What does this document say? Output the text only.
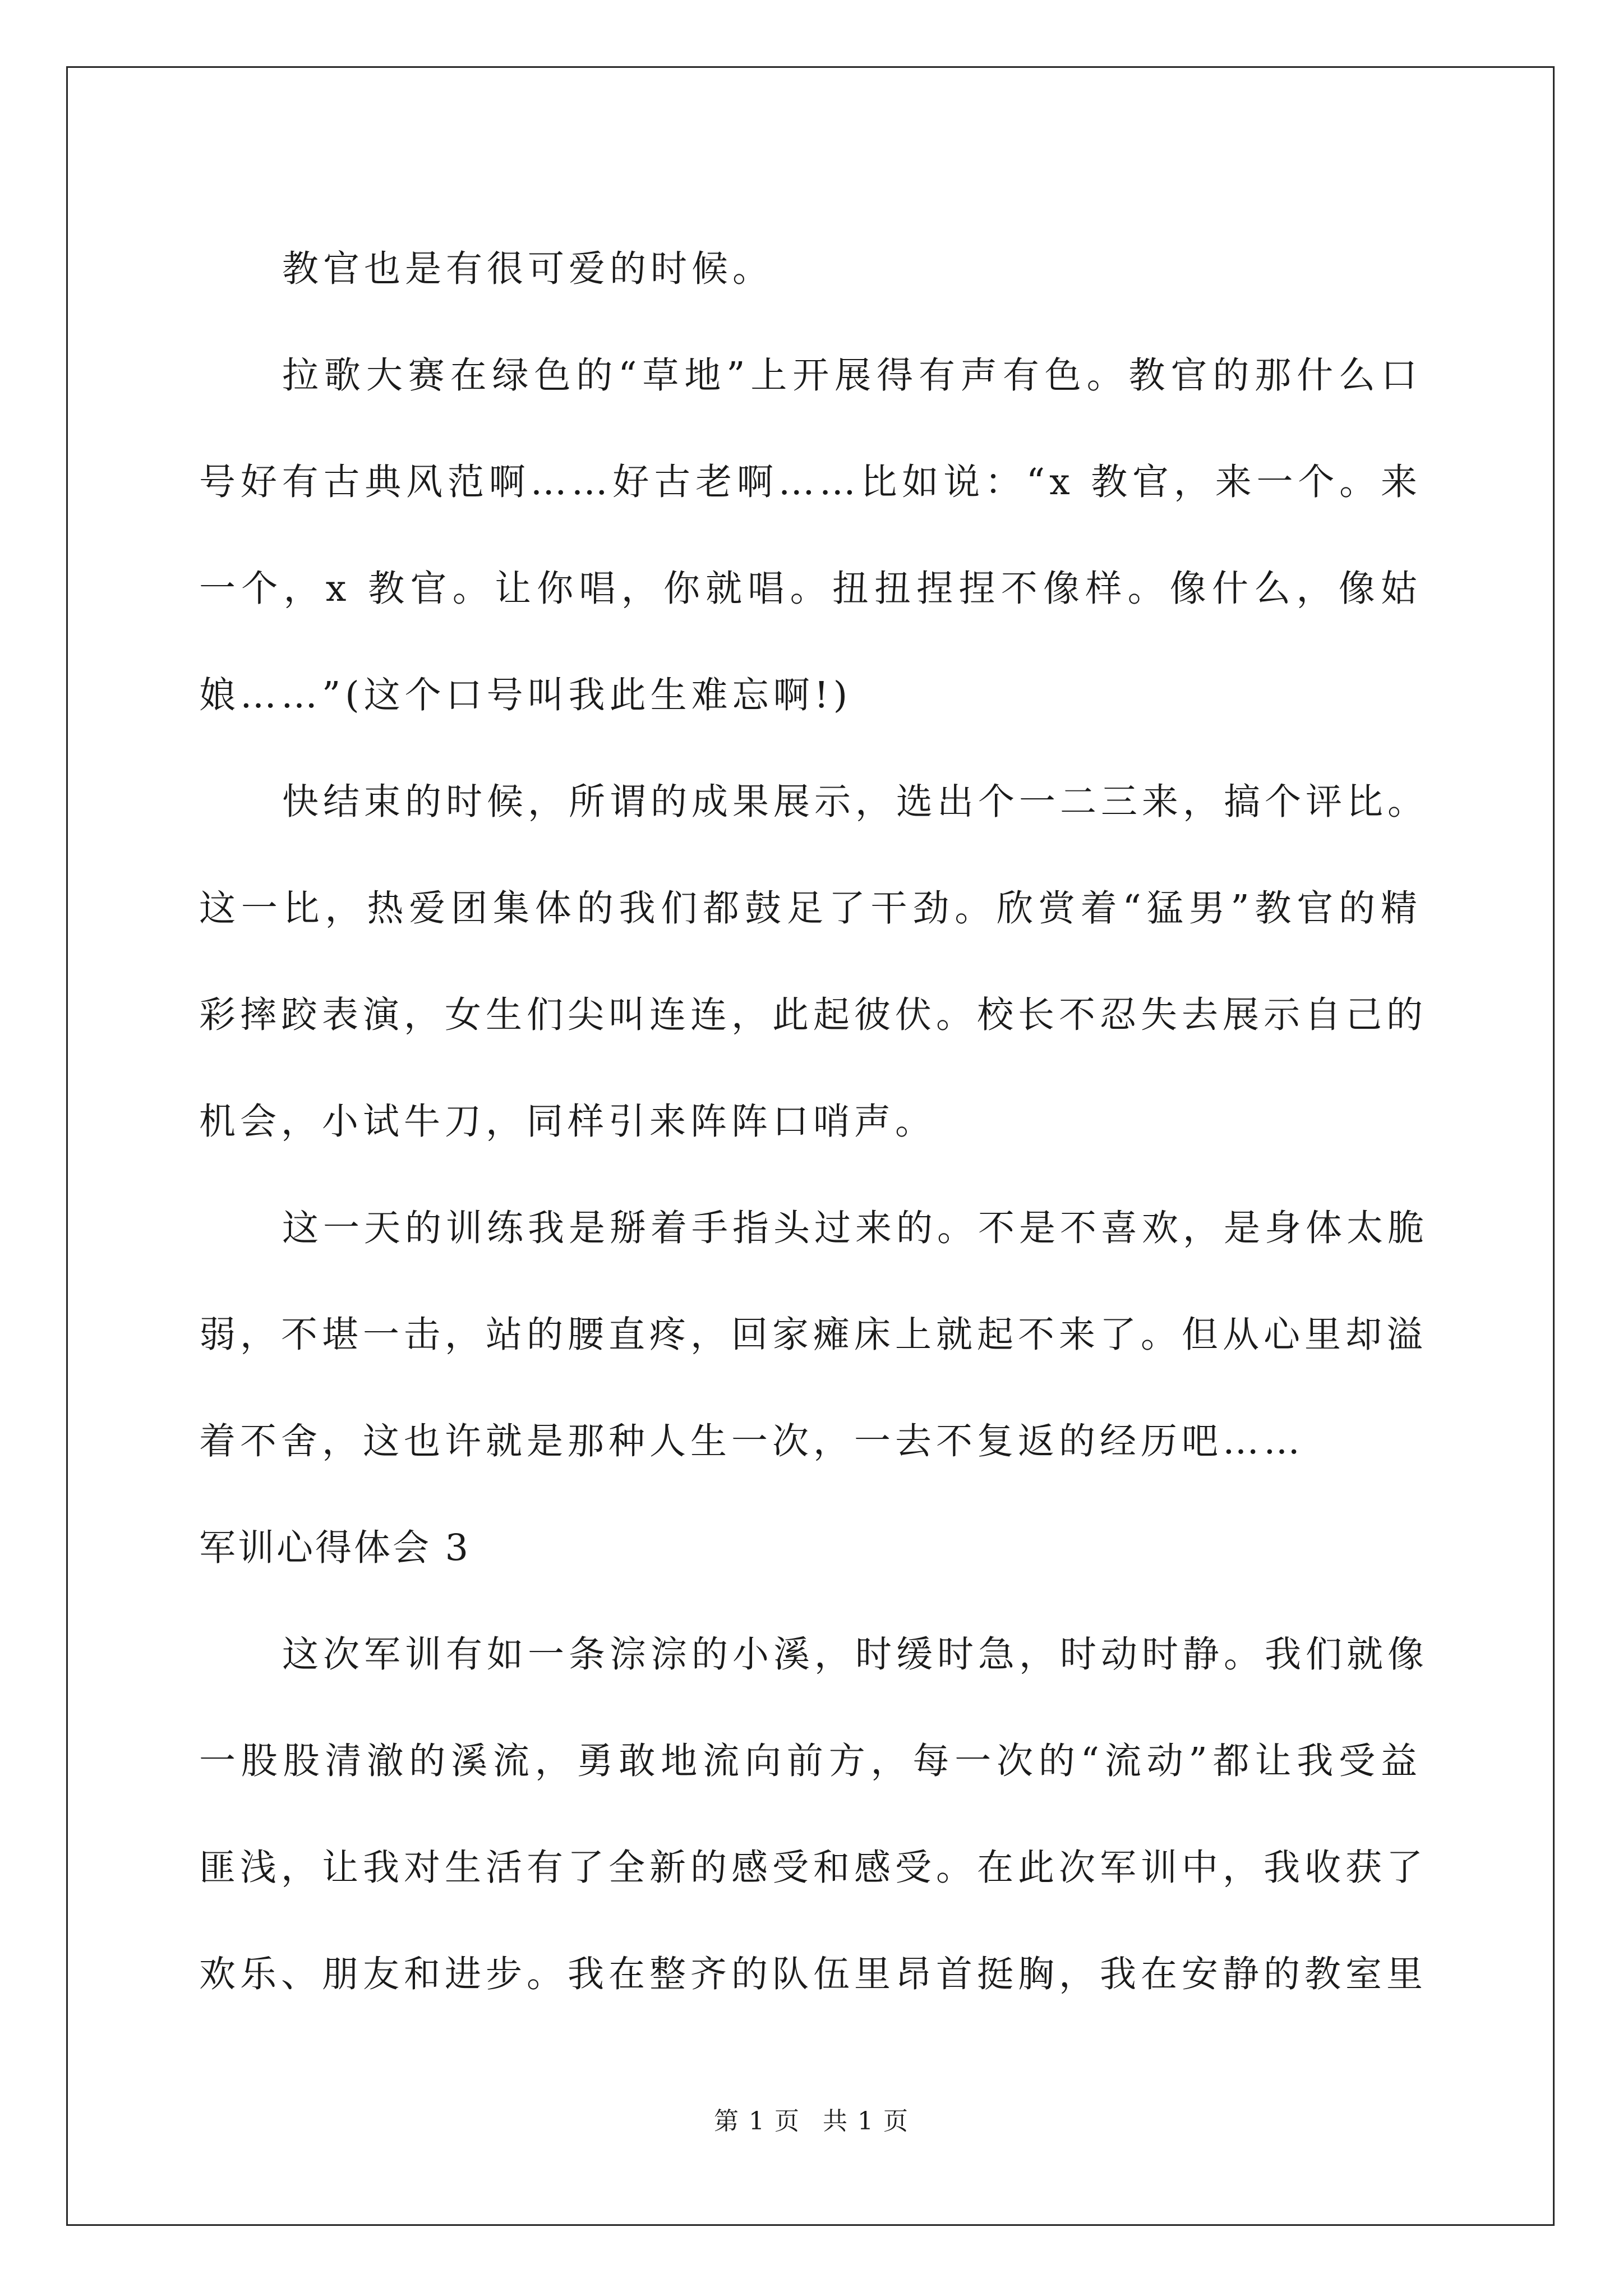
教官也是有很可爱的时候。
拉歌大赛在绿色的“草地”上开展得有声有色。教官的那什么口
号好有古典风范啊……好古老啊……比如说：“x 教官，来一个。来
一个，x 教官。让你唱，你就唱。扭扭捏捏不像样。像什么，像姑
娘……”(这个口号叫我此生难忘啊!)
快结束的时候，所谓的成果展示，选出个一二三来，搞个评比。
这一比，热爱团集体的我们都鼓足了干劲。欣赏着“猛男”教官的精
彩摔跤表演，女生们尖叫连连，此起彼伏。校长不忍失去展示自己的
机会，小试牛刀，同样引来阵阵口哨声。
这一天的训练我是掰着手指头过来的。不是不喜欢，是身体太脆
弱，不堪一击，站的腰直疼，回家瘫床上就起不来了。但从心里却溢
着不舍，这也许就是那种人生一次，一去不复返的经历吧……
军训心得体会 3
这次军训有如一条淙淙的小溪，时缓时急，时动时静。我们就像
一股股清澈的溪流，勇敢地流向前方，每一次的“流动”都让我受益
匪浅，让我对生活有了全新的感受和感受。在此次军训中，我收获了
欢乐、朋友和进步。我在整齐的队伍里昂首挺胸，我在安静的教室里
第 1 页 共 1 页
